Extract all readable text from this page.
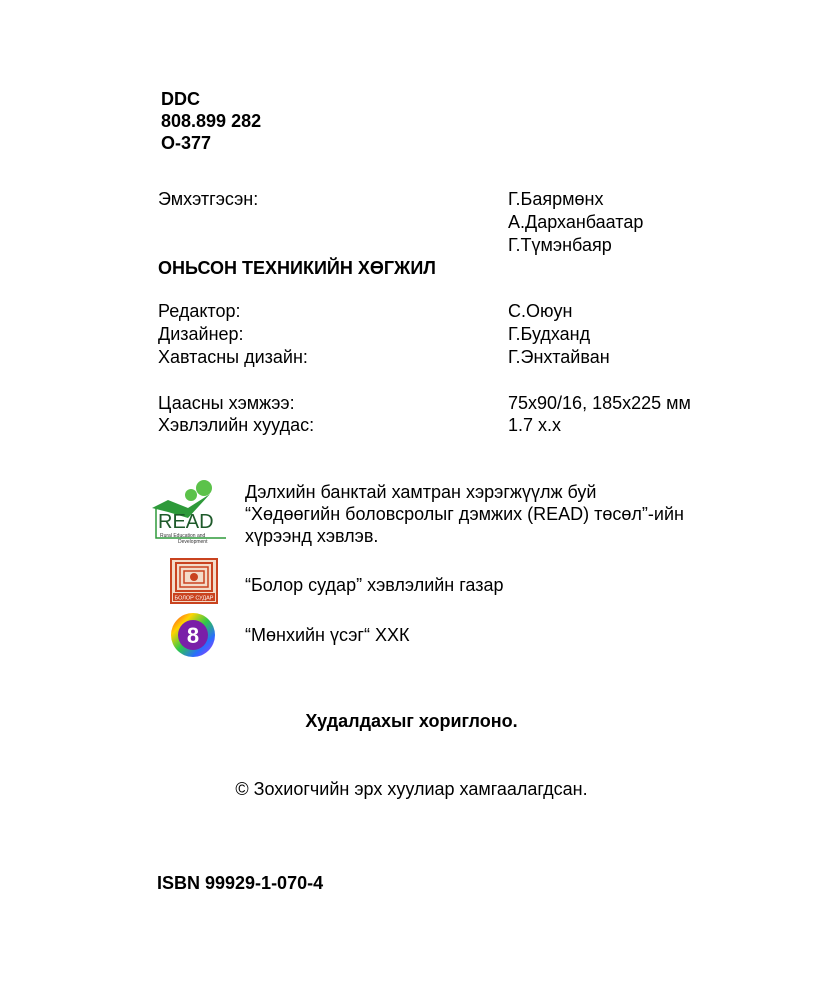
DDC
808.899 282
O-377
Эмхэтгэсэн:	Г.Баярмөнх
А.Дарханбаатар
Г.Түмэнбаяр
ОНЬСОН ТЕХНИКИЙН ХӨГЖИЛ
Редактор:	С.Оюун
Дизайнер:	Г.Будханд
Хавтасны дизайн:	Г.Энхтайван
Цаасны хэмжээ:	75x90/16, 185x225 мм
Хэвлэлийн хуудас:	1.7 х.х
READ
Rural Education and
Development
Дэлхийн банктай хамтран хэрэгжүүлж буй
“Хөдөөгийн боловсролыг дэмжих (READ) төсөл”-ийн
хүрээнд хэвлэв.
БОЛОР СУДАР
“Болор судар” хэвлэлийн газар
8	“Мөнхийн үсэг“ ХХК
Худалдахыг хориглоно.
© Зохиогчийн эрх хуулиар хамгаалагдсан.
ISBN 99929-1-070-4
